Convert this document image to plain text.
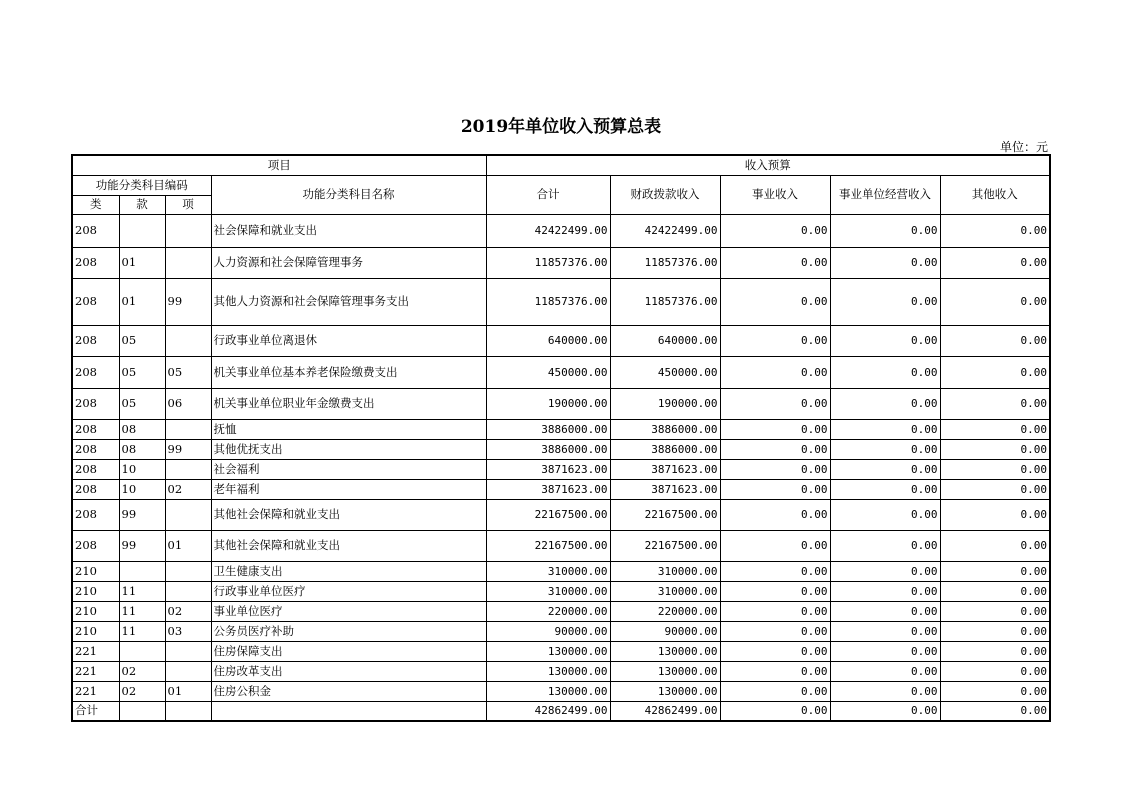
2019年单位收入预算总表
单位：元
项目				收入预算				
功能分类科目编码			功能分类科目名称	合计	财政拨款收入	事业收入	事业单位经营收入	其他收入
类	款	项						
208			社会保障和就业支出	42422499.00	42422499.00	0.00	0.00	0.00
208	01		人力资源和社会保障管理事务	11857376.00	11857376.00	0.00	0.00	0.00
208	01	99	其他人力资源和社会保障管理事务支出	11857376.00	11857376.00	0.00	0.00	0.00
208	05		行政事业单位离退休	640000.00	640000.00	0.00	0.00	0.00
208	05	05	机关事业单位基本养老保险缴费支出	450000.00	450000.00	0.00	0.00	0.00
208	05	06	机关事业单位职业年金缴费支出	190000.00	190000.00	0.00	0.00	0.00
208	08		抚恤	3886000.00	3886000.00	0.00	0.00	0.00
208	08	99	其他优抚支出	3886000.00	3886000.00	0.00	0.00	0.00
208	10		社会福利	3871623.00	3871623.00	0.00	0.00	0.00
208	10	02	老年福利	3871623.00	3871623.00	0.00	0.00	0.00
208	99		其他社会保障和就业支出	22167500.00	22167500.00	0.00	0.00	0.00
208	99	01	其他社会保障和就业支出	22167500.00	22167500.00	0.00	0.00	0.00
210			卫生健康支出	310000.00	310000.00	0.00	0.00	0.00
210	11		行政事业单位医疗	310000.00	310000.00	0.00	0.00	0.00
210	11	02	事业单位医疗	220000.00	220000.00	0.00	0.00	0.00
210	11	03	公务员医疗补助	90000.00	90000.00	0.00	0.00	0.00
221			住房保障支出	130000.00	130000.00	0.00	0.00	0.00
221	02		住房改革支出	130000.00	130000.00	0.00	0.00	0.00
221	02	01	住房公积金	130000.00	130000.00	0.00	0.00	0.00
合计				42862499.00	42862499.00	0.00	0.00	0.00
